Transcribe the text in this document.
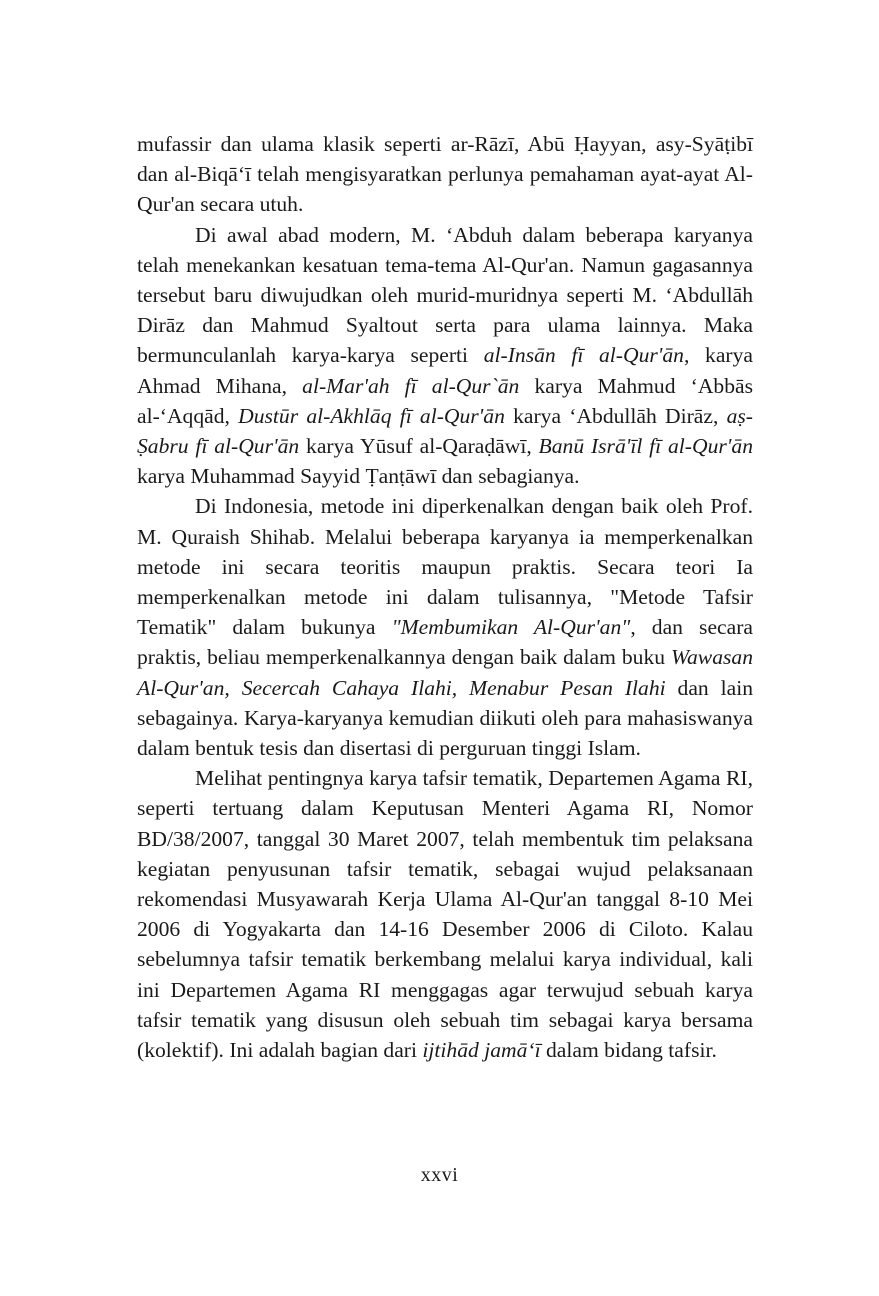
mufassir dan ulama klasik seperti ar-Rāzī, Abū Ḥayyan, asy-Syāṭibī dan al-Biqā‘ī telah mengisyaratkan perlunya pemahaman ayat-ayat Al-Qur'an secara utuh.

Di awal abad modern, M. ‘Abduh dalam beberapa karyanya telah menekankan kesatuan tema-tema Al-Qur'an. Namun gagasannya tersebut baru diwujudkan oleh murid-muridnya seperti M. ‘Abdullāh Dirāz dan Mahmud Syaltout serta para ulama lainnya. Maka bermunculanlah karya-karya seperti al-Insān fī al-Qur'ān, karya Ahmad Mihana, al-Mar'ah fī al-Qur`ān karya Mahmud ‘Abbās al-‘Aqqād, Dustūr al-Akhlāq fī al-Qur'ān karya ‘Abdullāh Dirāz, aṣ-Ṣabru fī al-Qur'ān karya Yūsuf al-Qaraḍāwī, Banū Isrā'īl fī al-Qur'ān karya Muhammad Sayyid Ṭanṭāwī dan sebagianya.

Di Indonesia, metode ini diperkenalkan dengan baik oleh Prof. M. Quraish Shihab. Melalui beberapa karyanya ia memperkenalkan metode ini secara teoritis maupun praktis. Secara teori Ia memperkenalkan metode ini dalam tulisannya, "Metode Tafsir Tematik" dalam bukunya "Membumikan Al-Qur'an", dan secara praktis, beliau memperkenalkannya dengan baik dalam buku Wawasan Al-Qur'an, Secercah Cahaya Ilahi, Menabur Pesan Ilahi dan lain sebagainya. Karya-karyanya kemudian diikuti oleh para mahasiswanya dalam bentuk tesis dan disertasi di perguruan tinggi Islam.

Melihat pentingnya karya tafsir tematik, Departemen Agama RI, seperti tertuang dalam Keputusan Menteri Agama RI, Nomor BD/38/2007, tanggal 30 Maret 2007, telah membentuk tim pelaksana kegiatan penyusunan tafsir tematik, sebagai wujud pelaksanaan rekomendasi Musyawarah Kerja Ulama Al-Qur'an tanggal 8-10 Mei 2006 di Yogyakarta dan 14-16 Desember 2006 di Ciloto. Kalau sebelumnya tafsir tematik berkembang melalui karya individual, kali ini Departemen Agama RI menggagas agar terwujud sebuah karya tafsir tematik yang disusun oleh sebuah tim sebagai karya bersama (kolektif). Ini adalah bagian dari ijtihād jamā‘ī dalam bidang tafsir.

xxvi
